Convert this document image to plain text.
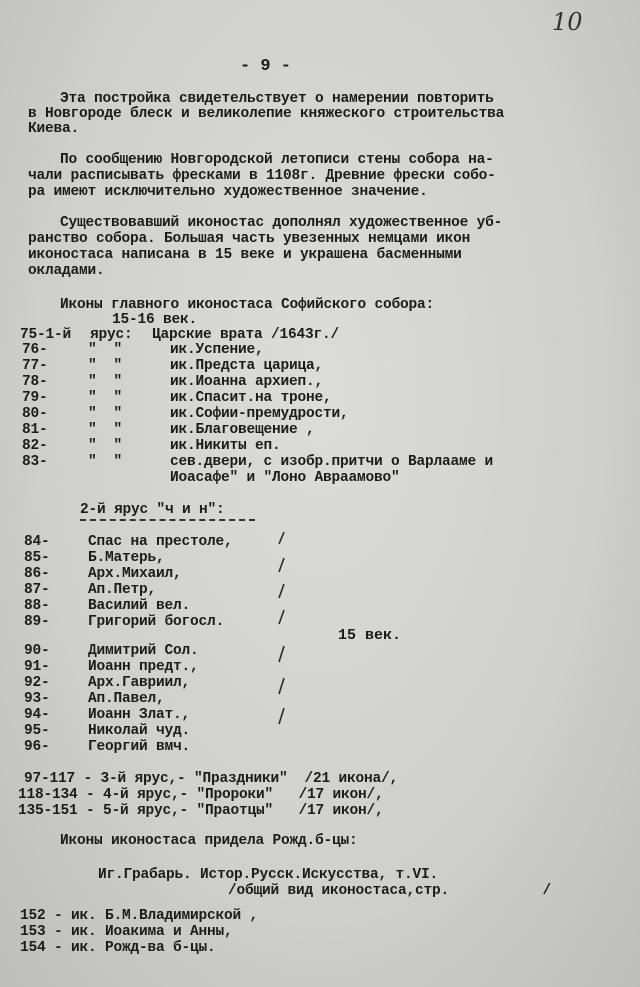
10
- 9 -
Эта постройка свидетельствует о намерении повторить
в Новгороде блеск и великолепие княжеского строительства
Киева.
По сообщению Новгородской летописи стены собора на-
чали расписывать фресками в 1108г. Древние фрески собо-
ра имеют исключительно художественное значение.
Существовавший иконостас дополнял художественное уб-
ранство собора. Большая часть увезенных немцами икон
иконостаса написана в 15 веке и украшена басменными
окладами.
Иконы главного иконостаса Софийского собора:
15-16 век.
75-1-й ярус: Царские врата /1643г./
76-	"  "	ик.Успение,
77-	"  "	ик.Предста царица,
78-	"  "	ик.Иоанна архиеп.,
79-	"  "	ик.Спасит.на троне,
80-	"  "	ик.Софии-премудрости,
81-	"  "	ик.Благовещение ,
82-	"  "	ик.Никиты еп.
83-	"  "	сев.двери, с изобр.притчи о Варлааме и
Иоасафе" и "Лоно Авраамово"
2-й ярус "ч и н":
84-	Спас на престоле,
85-	Б.Матерь,
86-	Арх.Михаил,
87-	Ап.Петр,
88-	Василий вел.
89-	Григорий богосл.
90-	Димитрий Сол.
91-	Иоанн предт.,
92-	Арх.Гавриил,
93-	Ап.Павел,
94-	Иоанн Злат.,
95-	Николай чуд.
96-	Георгий вмч.
15 век.
97-117 - 3-й ярус,- "Праздники"  /21 икона/,
118-134 - 4-й ярус,- "Пророки"   /17 икон/,
135-151 - 5-й ярус,- "Праотцы"   /17 икон/,
Иконы иконостаса придела Рожд.б-цы:
Иг.Грабарь. Истор.Русск.Искусства, т.VI.
/общий вид иконостаса,стр.           /
152 - ик. Б.М.Владимирской ,
153 - ик. Иоакима и Анны,
154 - ик. Рожд-ва б-цы.
